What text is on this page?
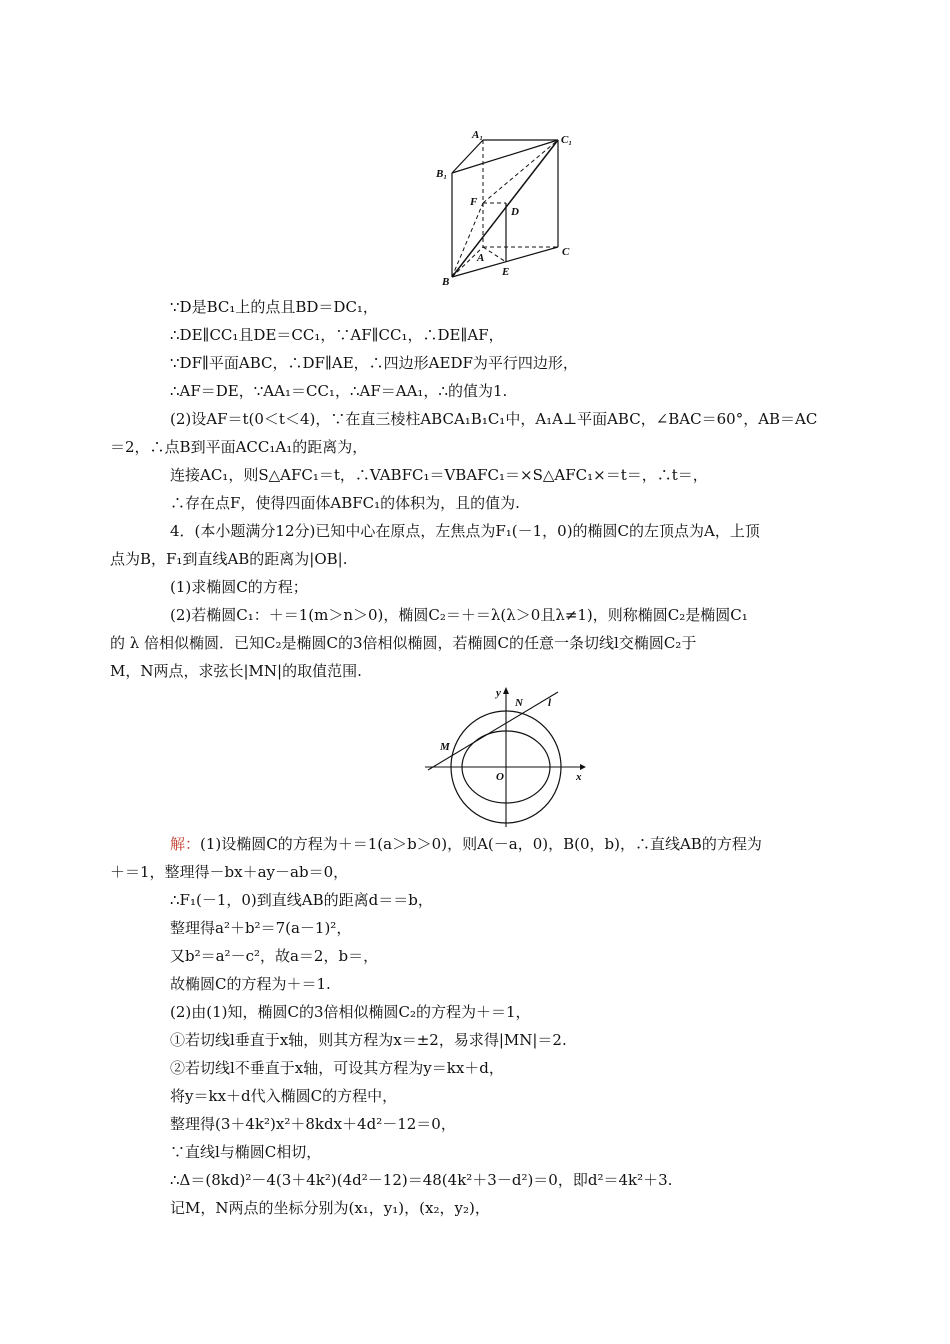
A₁	C₁
B₁
F
D
C
A
E
B
∵D是BC₁上的点且BD＝DC₁，
∴DE∥CC₁且DE＝CC₁，∵AF∥CC₁，∴DE∥AF，
∵DF∥平面ABC，∴DF∥AE，∴四边形AEDF为平行四边形，
∴AF＝DE，∵AA₁＝CC₁，∴AF＝AA₁，∴的值为1.
(2)设AF＝t(0＜t＜4)，∵在直三棱柱ABCA₁B₁C₁中，A₁A⊥平面ABC，∠BAC＝60°，AB＝AC
＝2，∴点B到平面ACC₁A₁的距离为，
连接AC₁，则S△AFC₁＝t，∴VABFC₁＝VBAFC₁＝×S△AFC₁×＝t＝，∴t＝，
∴存在点F，使得四面体ABFC₁的体积为，且的值为.
4．(本小题满分12分)已知中心在原点，左焦点为F₁(－1，0)的椭圆C的左顶点为A，上顶
点为B，F₁到直线AB的距离为|OB|.
(1)求椭圆C的方程；
(2)若椭圆C₁：＋＝1(m＞n＞0)，椭圆C₂＝＋＝λ(λ＞0且λ≠1)，则称椭圆C₂是椭圆C₁
的 λ 倍相似椭圆．已知C₂是椭圆C的3倍相似椭圆，若椭圆C的任意一条切线l交椭圆C₂于
M，N两点，求弦长|MN|的取值范围.
y
N l
M
O	x
解：(1)设椭圆C的方程为＋＝1(a＞b＞0)，则A(－a，0)，B(0，b)，∴直线AB的方程为
＋＝1，整理得－bx＋ay－ab＝0，
∴F₁(－1，0)到直线AB的距离d＝＝b，
整理得a²＋b²＝7(a－1)²，
又b²＝a²－c²，故a＝2，b＝，
故椭圆C的方程为＋＝1.
(2)由(1)知，椭圆C的3倍相似椭圆C₂的方程为＋＝1，
①若切线l垂直于x轴，则其方程为x＝±2，易求得|MN|＝2.
②若切线l不垂直于x轴，可设其方程为y＝kx＋d，
将y＝kx＋d代入椭圆C的方程中，
整理得(3＋4k²)x²＋8kdx＋4d²－12＝0，
∵直线l与椭圆C相切，
∴Δ＝(8kd)²－4(3＋4k²)(4d²－12)＝48(4k²＋3－d²)＝0，即d²＝4k²＋3.
记M，N两点的坐标分别为(x₁，y₁)，(x₂，y₂)，
